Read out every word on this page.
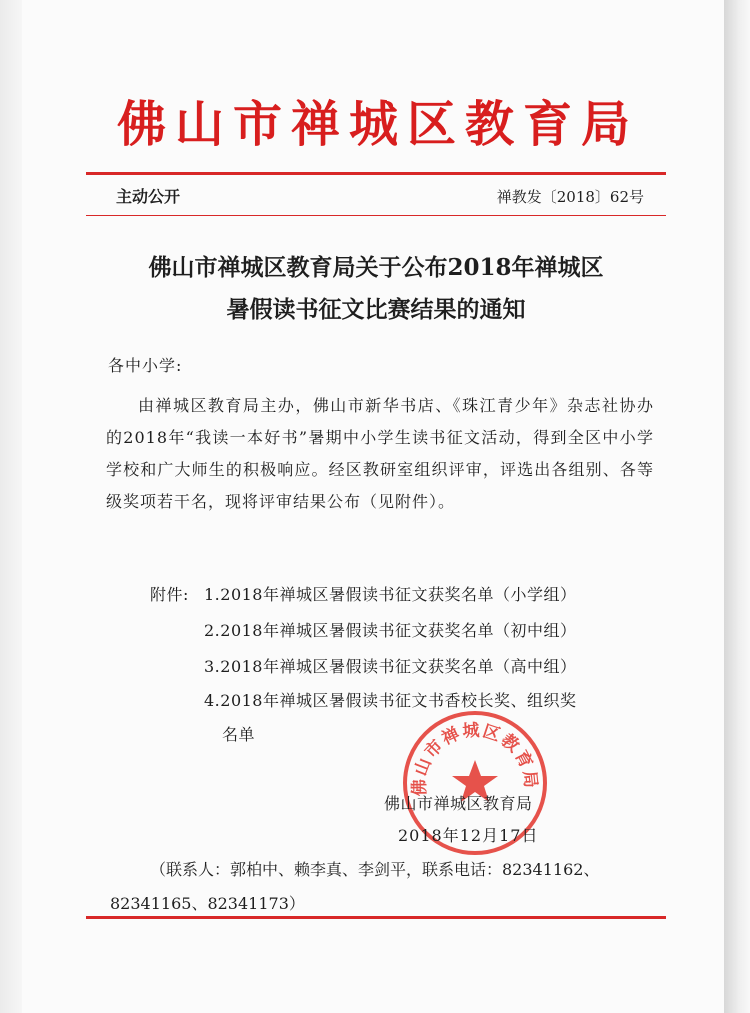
佛山市禅城区教育局
主动公开	禅教发〔2018〕62号
佛山市禅城区教育局关于公布2018年禅城区
暑假读书征文比赛结果的通知
各中小学:
由禅城区教育局主办，佛山市新华书店、《珠江青少年》杂志社协办的2018年“我读一本好书”暑期中小学生读书征文活动，得到全区中小学学校和广大师生的积极响应。经区教研室组织评审，评选出各组别、各等级奖项若干名，现将评审结果公布（见附件）。
附件: 1.2018年禅城区暑假读书征文获奖名单（小学组）
2.2018年禅城区暑假读书征文获奖名单（初中组）
3.2018年禅城区暑假读书征文获奖名单（高中组）
4.2018年禅城区暑假读书征文书香校长奖、组织奖
名单
佛山市禅城区教育局
佛山市禅城区教育局
2018年12月17日
（联系人：郭柏中、赖李真、李剑平，联系电话：82341162、
82341165、82341173）
